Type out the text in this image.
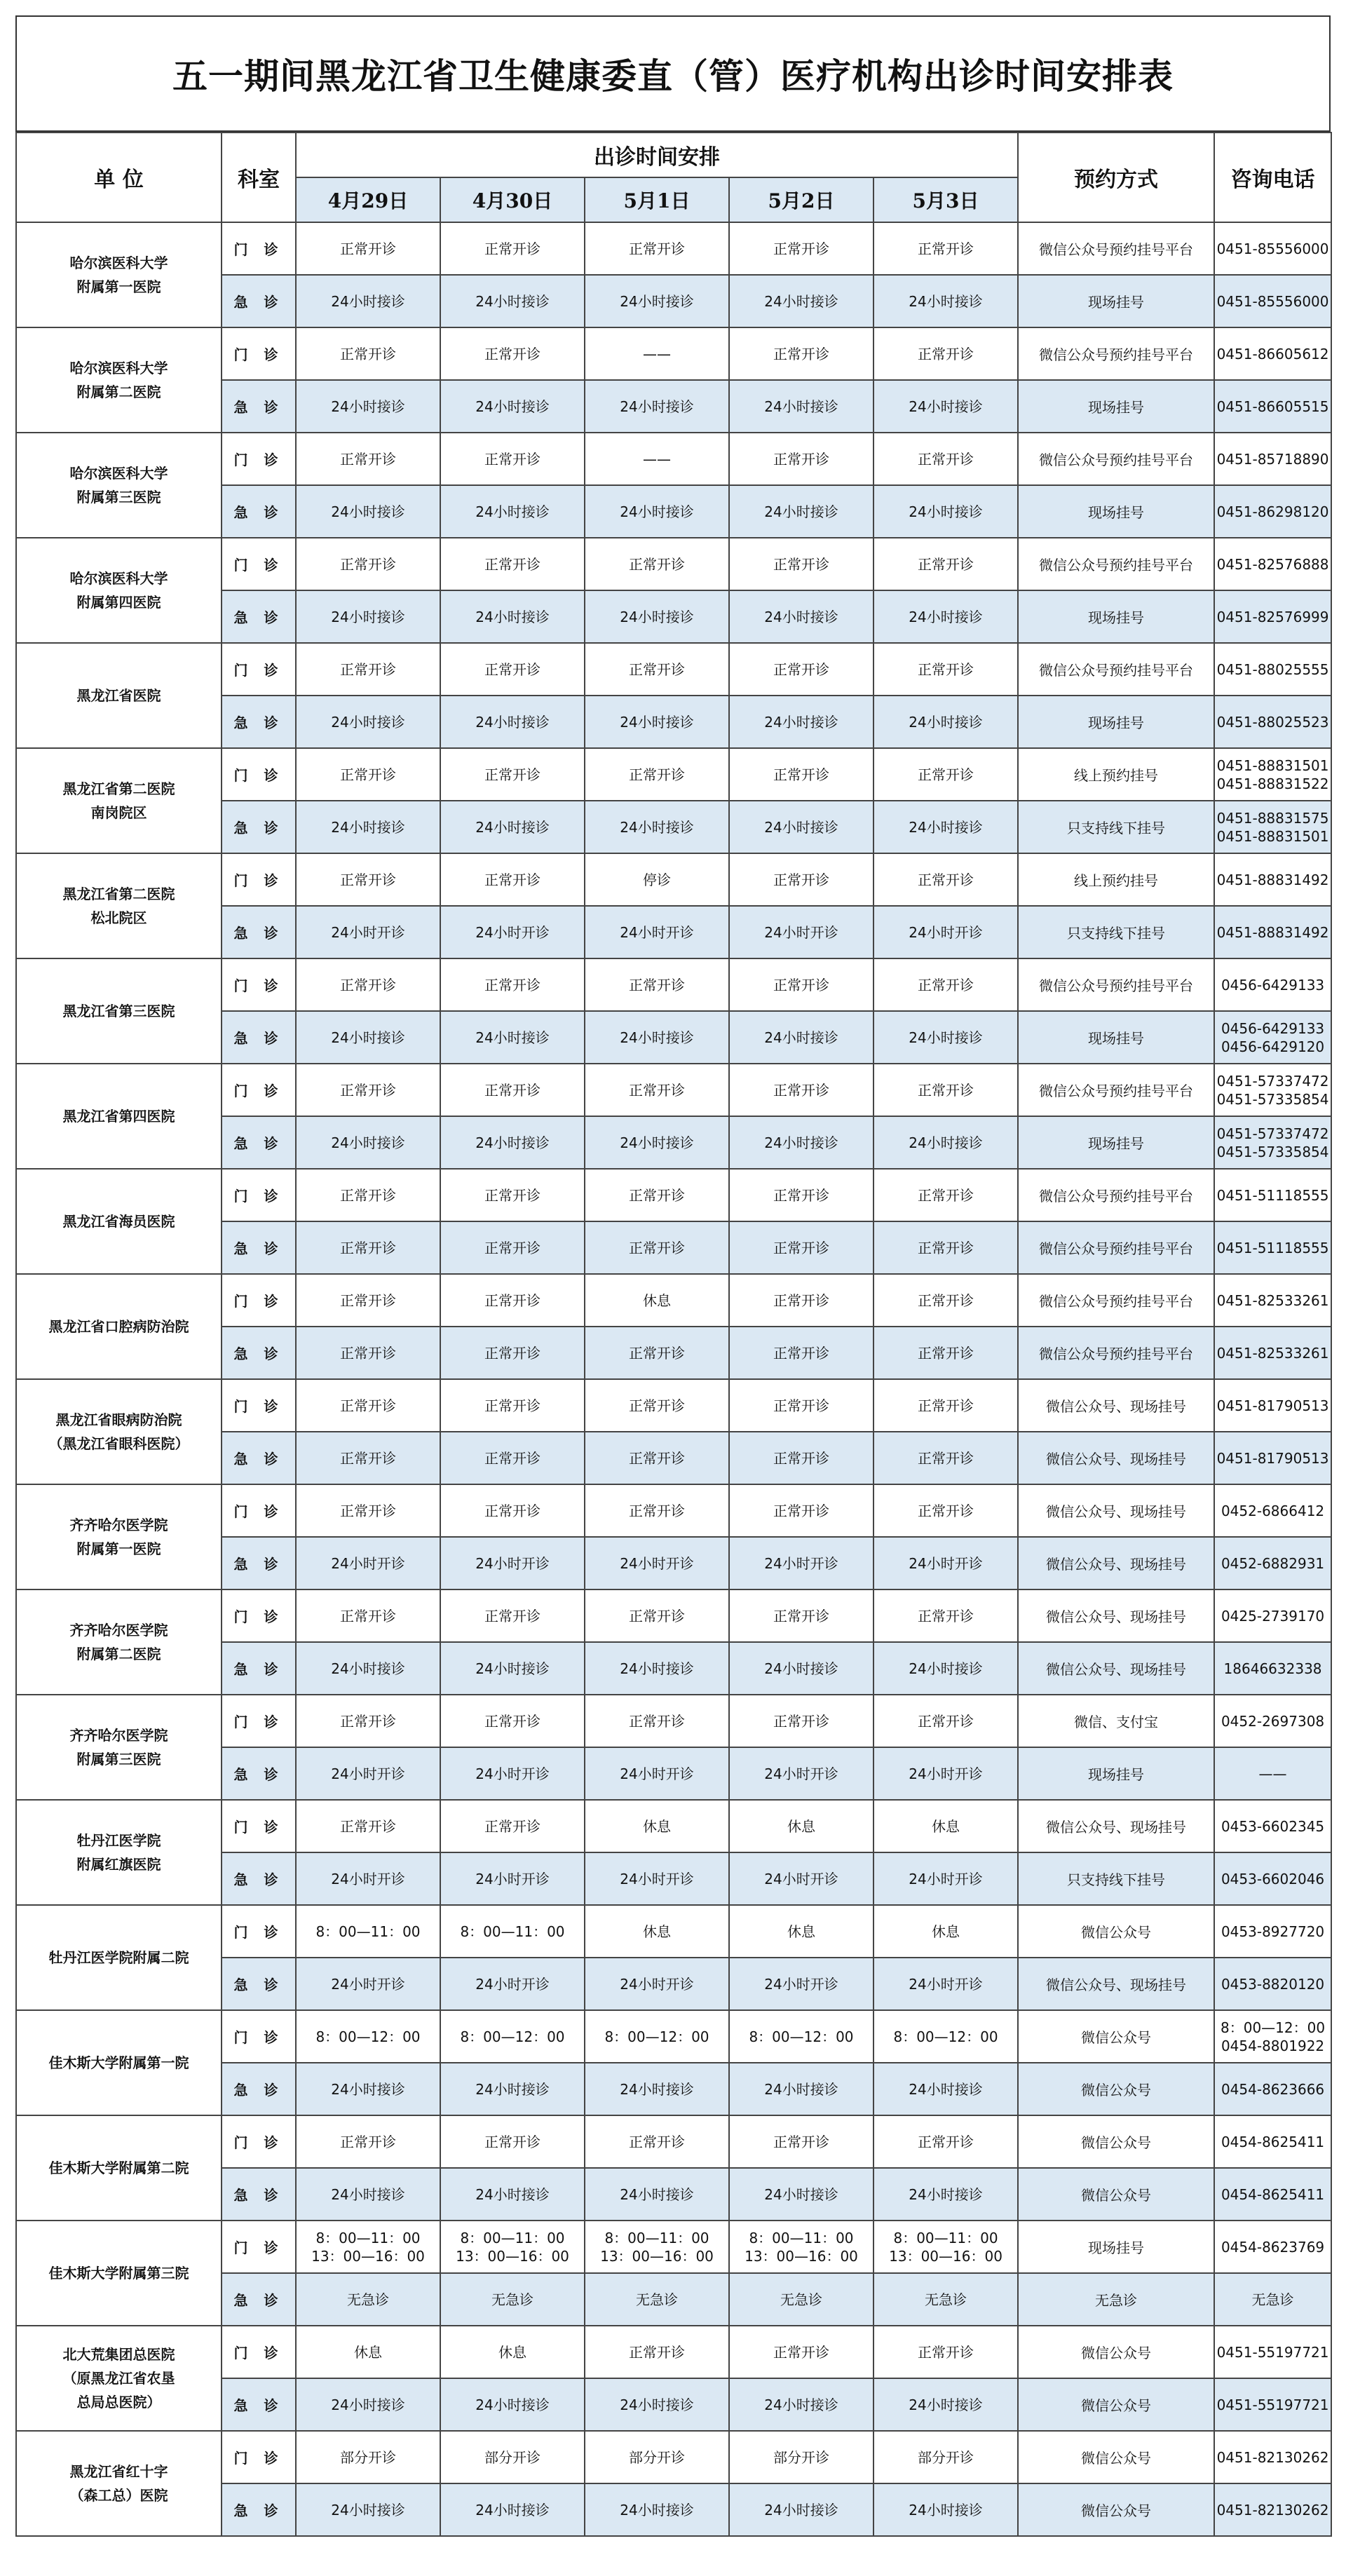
五一期间黑龙江省卫生健康委直（管）医疗机构出诊时间安排表
单 位	科室	出诊时间安排					预约方式	咨询电话
		4月29日	4月30日	5月1日	5月2日	5月3日		
哈尔滨医科大学
附属第一医院	门 诊	正常开诊	正常开诊	正常开诊	正常开诊	正常开诊	微信公众号预约挂号平台	0451-85556000
	急 诊	24小时接诊	24小时接诊	24小时接诊	24小时接诊	24小时接诊	现场挂号	0451-85556000
哈尔滨医科大学
附属第二医院	门 诊	正常开诊	正常开诊	——	正常开诊	正常开诊	微信公众号预约挂号平台	0451-86605612
	急 诊	24小时接诊	24小时接诊	24小时接诊	24小时接诊	24小时接诊	现场挂号	0451-86605515
哈尔滨医科大学
附属第三医院	门 诊	正常开诊	正常开诊	——	正常开诊	正常开诊	微信公众号预约挂号平台	0451-85718890
	急 诊	24小时接诊	24小时接诊	24小时接诊	24小时接诊	24小时接诊	现场挂号	0451-86298120
哈尔滨医科大学
附属第四医院	门 诊	正常开诊	正常开诊	正常开诊	正常开诊	正常开诊	微信公众号预约挂号平台	0451-82576888
	急 诊	24小时接诊	24小时接诊	24小时接诊	24小时接诊	24小时接诊	现场挂号	0451-82576999
黑龙江省医院	门 诊	正常开诊	正常开诊	正常开诊	正常开诊	正常开诊	微信公众号预约挂号平台	0451-88025555
	急 诊	24小时接诊	24小时接诊	24小时接诊	24小时接诊	24小时接诊	现场挂号	0451-88025523
黑龙江省第二医院
南岗院区	门 诊	正常开诊	正常开诊	正常开诊	正常开诊	正常开诊	线上预约挂号	0451-88831501
0451-88831522
	急 诊	24小时接诊	24小时接诊	24小时接诊	24小时接诊	24小时接诊	只支持线下挂号	0451-88831575
0451-88831501
黑龙江省第二医院
松北院区	门 诊	正常开诊	正常开诊	停诊	正常开诊	正常开诊	线上预约挂号	0451-88831492
	急 诊	24小时开诊	24小时开诊	24小时开诊	24小时开诊	24小时开诊	只支持线下挂号	0451-88831492
黑龙江省第三医院	门 诊	正常开诊	正常开诊	正常开诊	正常开诊	正常开诊	微信公众号预约挂号平台	0456-6429133
	急 诊	24小时接诊	24小时接诊	24小时接诊	24小时接诊	24小时接诊	现场挂号	0456-6429133
0456-6429120
黑龙江省第四医院	门 诊	正常开诊	正常开诊	正常开诊	正常开诊	正常开诊	微信公众号预约挂号平台	0451-57337472
0451-57335854
	急 诊	24小时接诊	24小时接诊	24小时接诊	24小时接诊	24小时接诊	现场挂号	0451-57337472
0451-57335854
黑龙江省海员医院	门 诊	正常开诊	正常开诊	正常开诊	正常开诊	正常开诊	微信公众号预约挂号平台	0451-51118555
	急 诊	正常开诊	正常开诊	正常开诊	正常开诊	正常开诊	微信公众号预约挂号平台	0451-51118555
黑龙江省口腔病防治院	门 诊	正常开诊	正常开诊	休息	正常开诊	正常开诊	微信公众号预约挂号平台	0451-82533261
	急 诊	正常开诊	正常开诊	正常开诊	正常开诊	正常开诊	微信公众号预约挂号平台	0451-82533261
黑龙江省眼病防治院
（黑龙江省眼科医院）	门 诊	正常开诊	正常开诊	正常开诊	正常开诊	正常开诊	微信公众号、现场挂号	0451-81790513
	急 诊	正常开诊	正常开诊	正常开诊	正常开诊	正常开诊	微信公众号、现场挂号	0451-81790513
齐齐哈尔医学院
附属第一医院	门 诊	正常开诊	正常开诊	正常开诊	正常开诊	正常开诊	微信公众号、现场挂号	0452-6866412
	急 诊	24小时开诊	24小时开诊	24小时开诊	24小时开诊	24小时开诊	微信公众号、现场挂号	0452-6882931
齐齐哈尔医学院
附属第二医院	门 诊	正常开诊	正常开诊	正常开诊	正常开诊	正常开诊	微信公众号、现场挂号	0425-2739170
	急 诊	24小时接诊	24小时接诊	24小时接诊	24小时接诊	24小时接诊	微信公众号、现场挂号	18646632338
齐齐哈尔医学院
附属第三医院	门 诊	正常开诊	正常开诊	正常开诊	正常开诊	正常开诊	微信、支付宝	0452-2697308
	急 诊	24小时开诊	24小时开诊	24小时开诊	24小时开诊	24小时开诊	现场挂号	——
牡丹江医学院
附属红旗医院	门 诊	正常开诊	正常开诊	休息	休息	休息	微信公众号、现场挂号	0453-6602345
	急 诊	24小时开诊	24小时开诊	24小时开诊	24小时开诊	24小时开诊	只支持线下挂号	0453-6602046
牡丹江医学院附属二院	门 诊	8：00—11：00	8：00—11：00	休息	休息	休息	微信公众号	0453-8927720
	急 诊	24小时开诊	24小时开诊	24小时开诊	24小时开诊	24小时开诊	微信公众号、现场挂号	0453-8820120
佳木斯大学附属第一院	门 诊	8：00—12：00	8：00—12：00	8：00—12：00	8：00—12：00	8：00—12：00	微信公众号	8：00—12：00
0454-8801922
	急 诊	24小时接诊	24小时接诊	24小时接诊	24小时接诊	24小时接诊	微信公众号	0454-8623666
佳木斯大学附属第二院	门 诊	正常开诊	正常开诊	正常开诊	正常开诊	正常开诊	微信公众号	0454-8625411
	急 诊	24小时接诊	24小时接诊	24小时接诊	24小时接诊	24小时接诊	微信公众号	0454-8625411
佳木斯大学附属第三院	门 诊	8：00—11：00
13：00—16：00	8：00—11：00
13：00—16：00	8：00—11：00
13：00—16：00	8：00—11：00
13：00—16：00	8：00—11：00
13：00—16：00	现场挂号	0454-8623769
	急 诊	无急诊	无急诊	无急诊	无急诊	无急诊	无急诊	无急诊
北大荒集团总医院
（原黑龙江省农垦
总局总医院）	门 诊	休息	休息	正常开诊	正常开诊	正常开诊	微信公众号	0451-55197721
	急 诊	24小时接诊	24小时接诊	24小时接诊	24小时接诊	24小时接诊	微信公众号	0451-55197721
黑龙江省红十字
（森工总）医院	门 诊	部分开诊	部分开诊	部分开诊	部分开诊	部分开诊	微信公众号	0451-82130262
	急 诊	24小时接诊	24小时接诊	24小时接诊	24小时接诊	24小时接诊	微信公众号	0451-82130262
